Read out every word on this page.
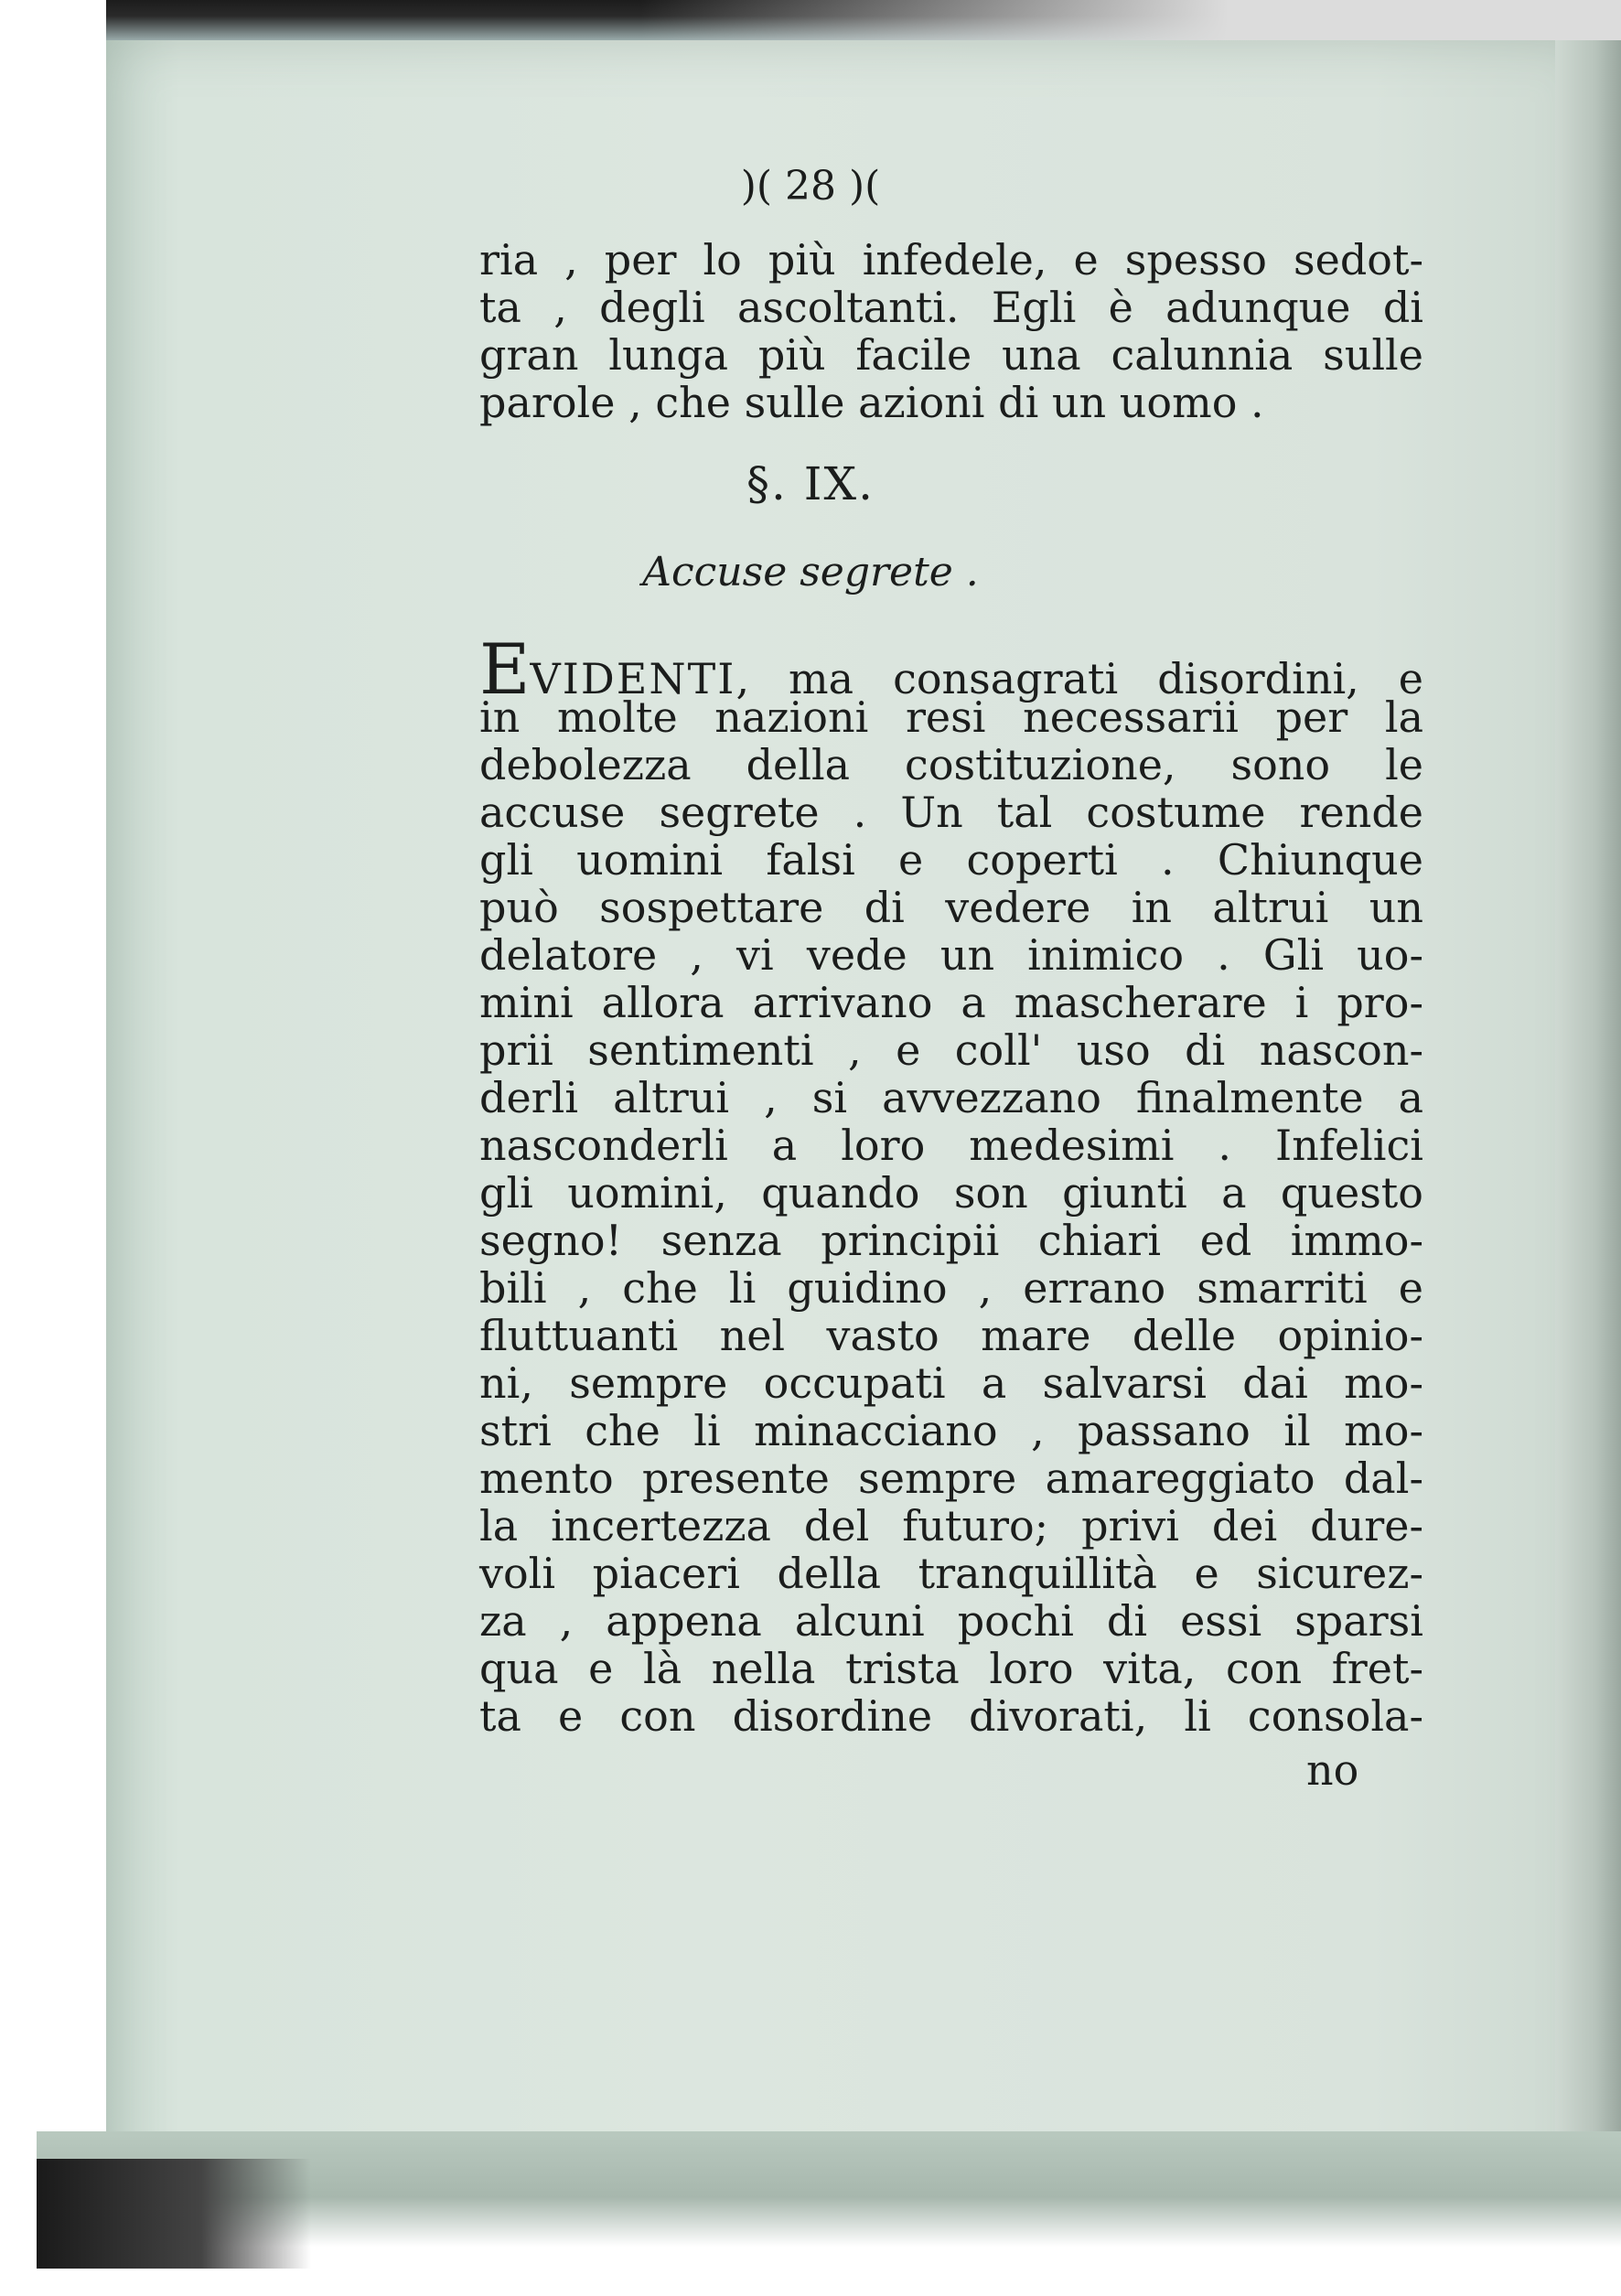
)( 28 )(
ria , per lo più infedele, e spesso sedot-
ta , degli ascoltanti. Egli è adunque di
gran lunga più facile una calunnia sulle
parole , che sulle azioni di un uomo .
§. IX.
Accuse segrete .
EVIDENTI, ma consagrati disordini, e
in molte nazioni resi necessarii per la
debolezza della costituzione, sono le
accuse segrete . Un tal costume rende
gli uomini falsi e coperti . Chiunque
può sospettare di vedere in altrui un
delatore , vi vede un inimico . Gli uo-
mini allora arrivano a mascherare i pro-
prii sentimenti , e coll' uso di nascon-
derli altrui , si avvezzano finalmente a
nasconderli a loro medesimi . Infelici
gli uomini, quando son giunti a questo
segno! senza principii chiari ed immo-
bili , che li guidino , errano smarriti e
fluttuanti nel vasto mare delle opinio-
ni, sempre occupati a salvarsi dai mo-
stri che li minacciano , passano il mo-
mento presente sempre amareggiato dal-
la incertezza del futuro; privi dei dure-
voli piaceri della tranquillità e sicurez-
za , appena alcuni pochi di essi sparsi
qua e là nella trista loro vita, con fret-
ta e con disordine divorati, li consola-
no
